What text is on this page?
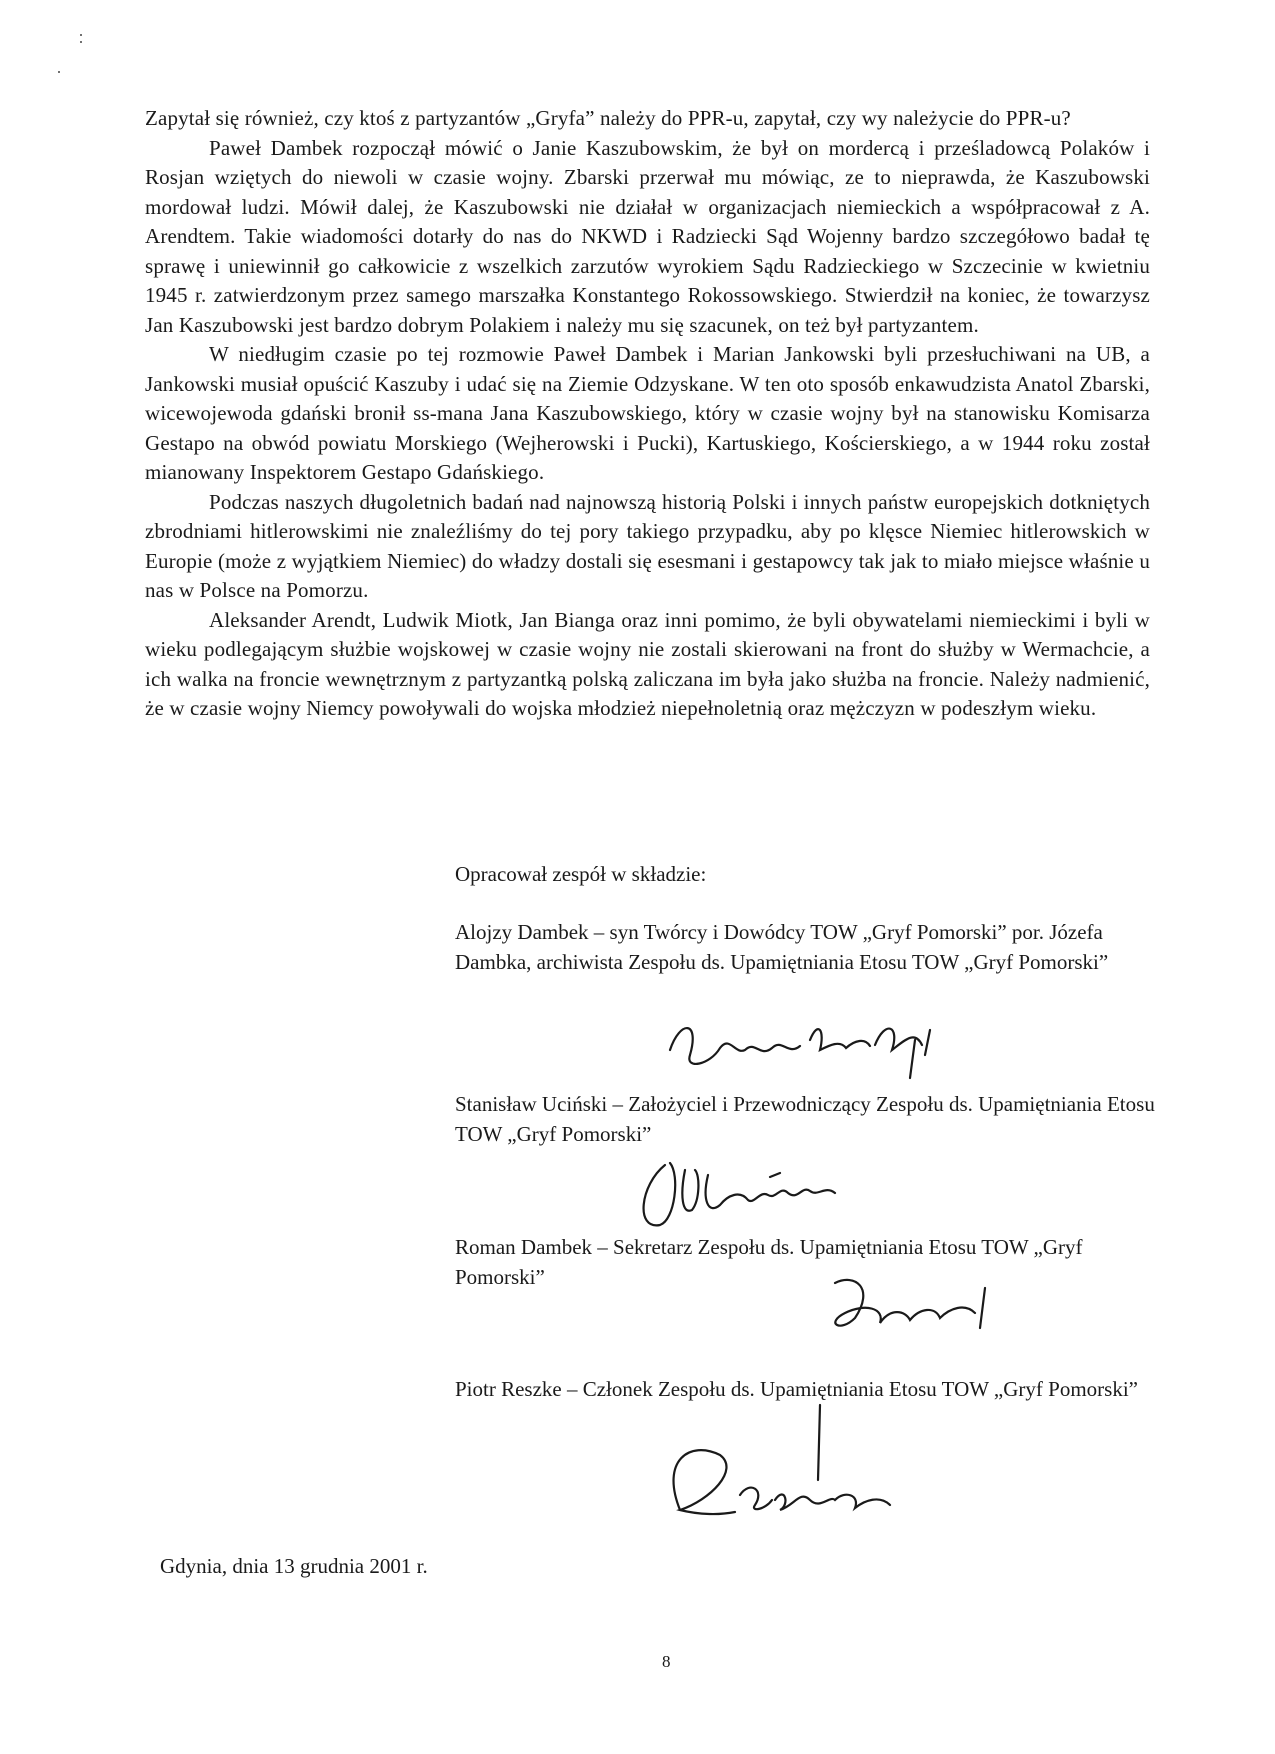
Zapytał się również, czy ktoś z partyzantów „Gryfa” należy do PPR-u, zapytał, czy wy należycie do PPR-u?

Paweł Dambek rozpoczął mówić o Janie Kaszubowskim, że był on mordercą i prześladowcą Polaków i Rosjan wziętych do niewoli w czasie wojny. Zbarski przerwał mu mówiąc, ze to nieprawda, że Kaszubowski mordował ludzi. Mówił dalej, że Kaszubowski nie działał w organizacjach niemieckich a współpracował z A. Arendtem. Takie wiadomości dotarły do nas do NKWD i Radziecki Sąd Wojenny bardzo szczegółowo badał tę sprawę i uniewinnił go całkowicie z wszelkich zarzutów wyrokiem Sądu Radzieckiego w Szczecinie w kwietniu 1945 r. zatwierdzonym przez samego marszałka Konstantego Rokossowskiego. Stwierdził na koniec, że towarzysz Jan Kaszubowski jest bardzo dobrym Polakiem i należy mu się szacunek, on też był partyzantem.

W niedługim czasie po tej rozmowie Paweł Dambek i Marian Jankowski byli przesłuchiwani na UB, a Jankowski musiał opuścić Kaszuby i udać się na Ziemie Odzyskane. W ten oto sposób enkawudzista Anatol Zbarski, wicewojewoda gdański bronił ss-mana Jana Kaszubowskiego, który w czasie wojny był na stanowisku Komisarza Gestapo na obwód powiatu Morskiego (Wejherowski i Pucki), Kartuskiego, Kościerskiego, a w 1944 roku został mianowany Inspektorem Gestapo Gdańskiego.

Podczas naszych długoletnich badań nad najnowszą historią Polski i innych państw europejskich dotkniętych zbrodniami hitlerowskimi nie znaleźliśmy do tej pory takiego przypadku, aby po klęsce Niemiec hitlerowskich w Europie (może z wyjątkiem Niemiec) do władzy dostali się esesmani i gestapowcy tak jak to miało miejsce właśnie u nas w Polsce na Pomorzu.

Aleksander Arendt, Ludwik Miotk, Jan Bianga oraz inni pomimo, że byli obywatelami niemieckimi i byli w wieku podlegającym służbie wojskowej w czasie wojny nie zostali skierowani na front do służby w Wermachcie, a ich walka na froncie wewnętrznym z partyzantką polską zaliczana im była jako służba na froncie. Należy nadmienić, że w czasie wojny Niemcy powoływali do wojska młodzież niepełnoletnią oraz mężczyzn w podeszłym wieku.

Opracował zespół w składzie:
Alojzy Dambek – syn Twórcy i Dowódcy TOW „Gryf Pomorski” por. Józefa Dambka, archiwista Zespołu ds. Upamiętniania Etosu TOW „Gryf Pomorski”
Stanisław Uciński – Założyciel i Przewodniczący Zespołu ds. Upamiętniania Etosu TOW „Gryf Pomorski”
Roman Dambek – Sekretarz Zespołu ds. Upamiętniania Etosu TOW „Gryf Pomorski”
Piotr Reszke – Członek Zespołu ds. Upamiętniania Etosu TOW „Gryf Pomorski”
Gdynia, dnia 13 grudnia 2001 r.
8
